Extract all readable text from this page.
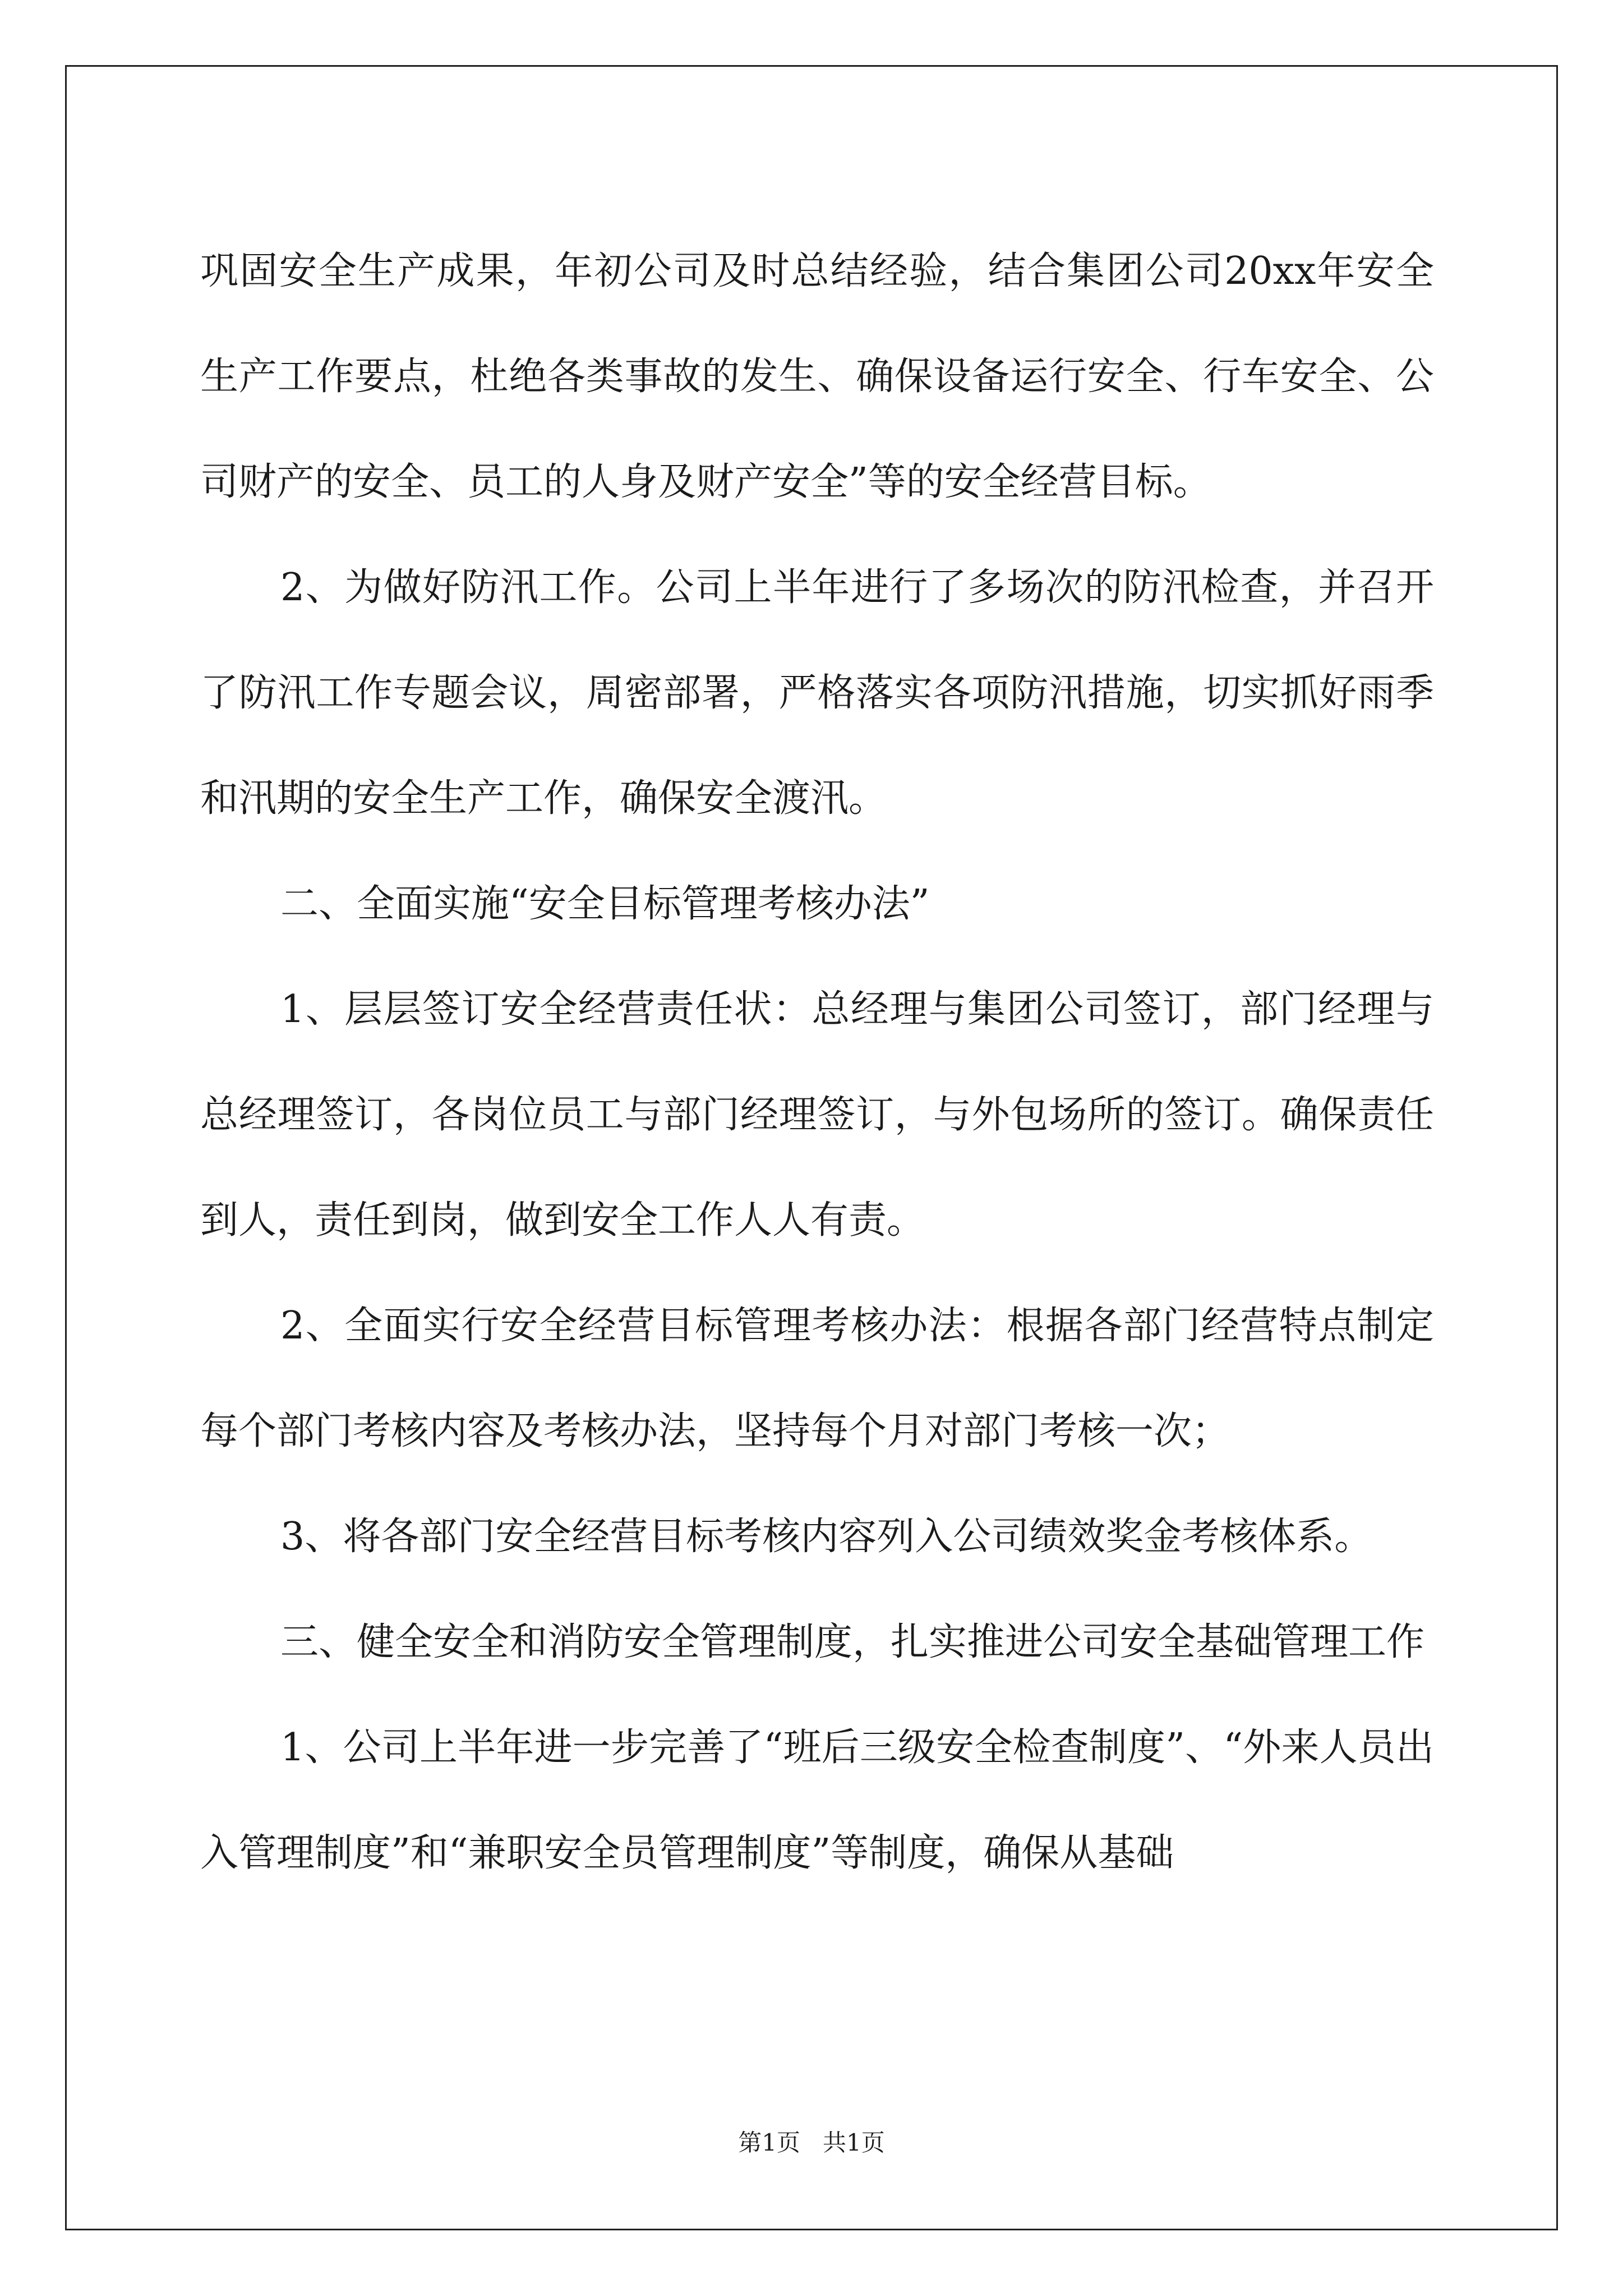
巩固安全生产成果，年初公司及时总结经验，结合集团公司20xx年安全生产工作要点，杜绝各类事故的发生、确保设备运行安全、行车安全、公司财产的安全、员工的人身及财产安全”等的安全经营目标。

2、为做好防汛工作。公司上半年进行了多场次的防汛检查，并召开了防汛工作专题会议，周密部署，严格落实各项防汛措施，切实抓好雨季和汛期的安全生产工作，确保安全渡汛。

二、全面实施“安全目标管理考核办法”

1、层层签订安全经营责任状：总经理与集团公司签订，部门经理与总经理签订，各岗位员工与部门经理签订，与外包场所的签订。确保责任到人，责任到岗，做到安全工作人人有责。

2、全面实行安全经营目标管理考核办法：根据各部门经营特点制定每个部门考核内容及考核办法，坚持每个月对部门考核一次；

3、将各部门安全经营目标考核内容列入公司绩效奖金考核体系。

三、健全安全和消防安全管理制度，扎实推进公司安全基础管理工作

1、公司上半年进一步完善了“班后三级安全检查制度”、“外来人员出入管理制度”和“兼职安全员管理制度”等制度，确保从基础

第1页 共1页
